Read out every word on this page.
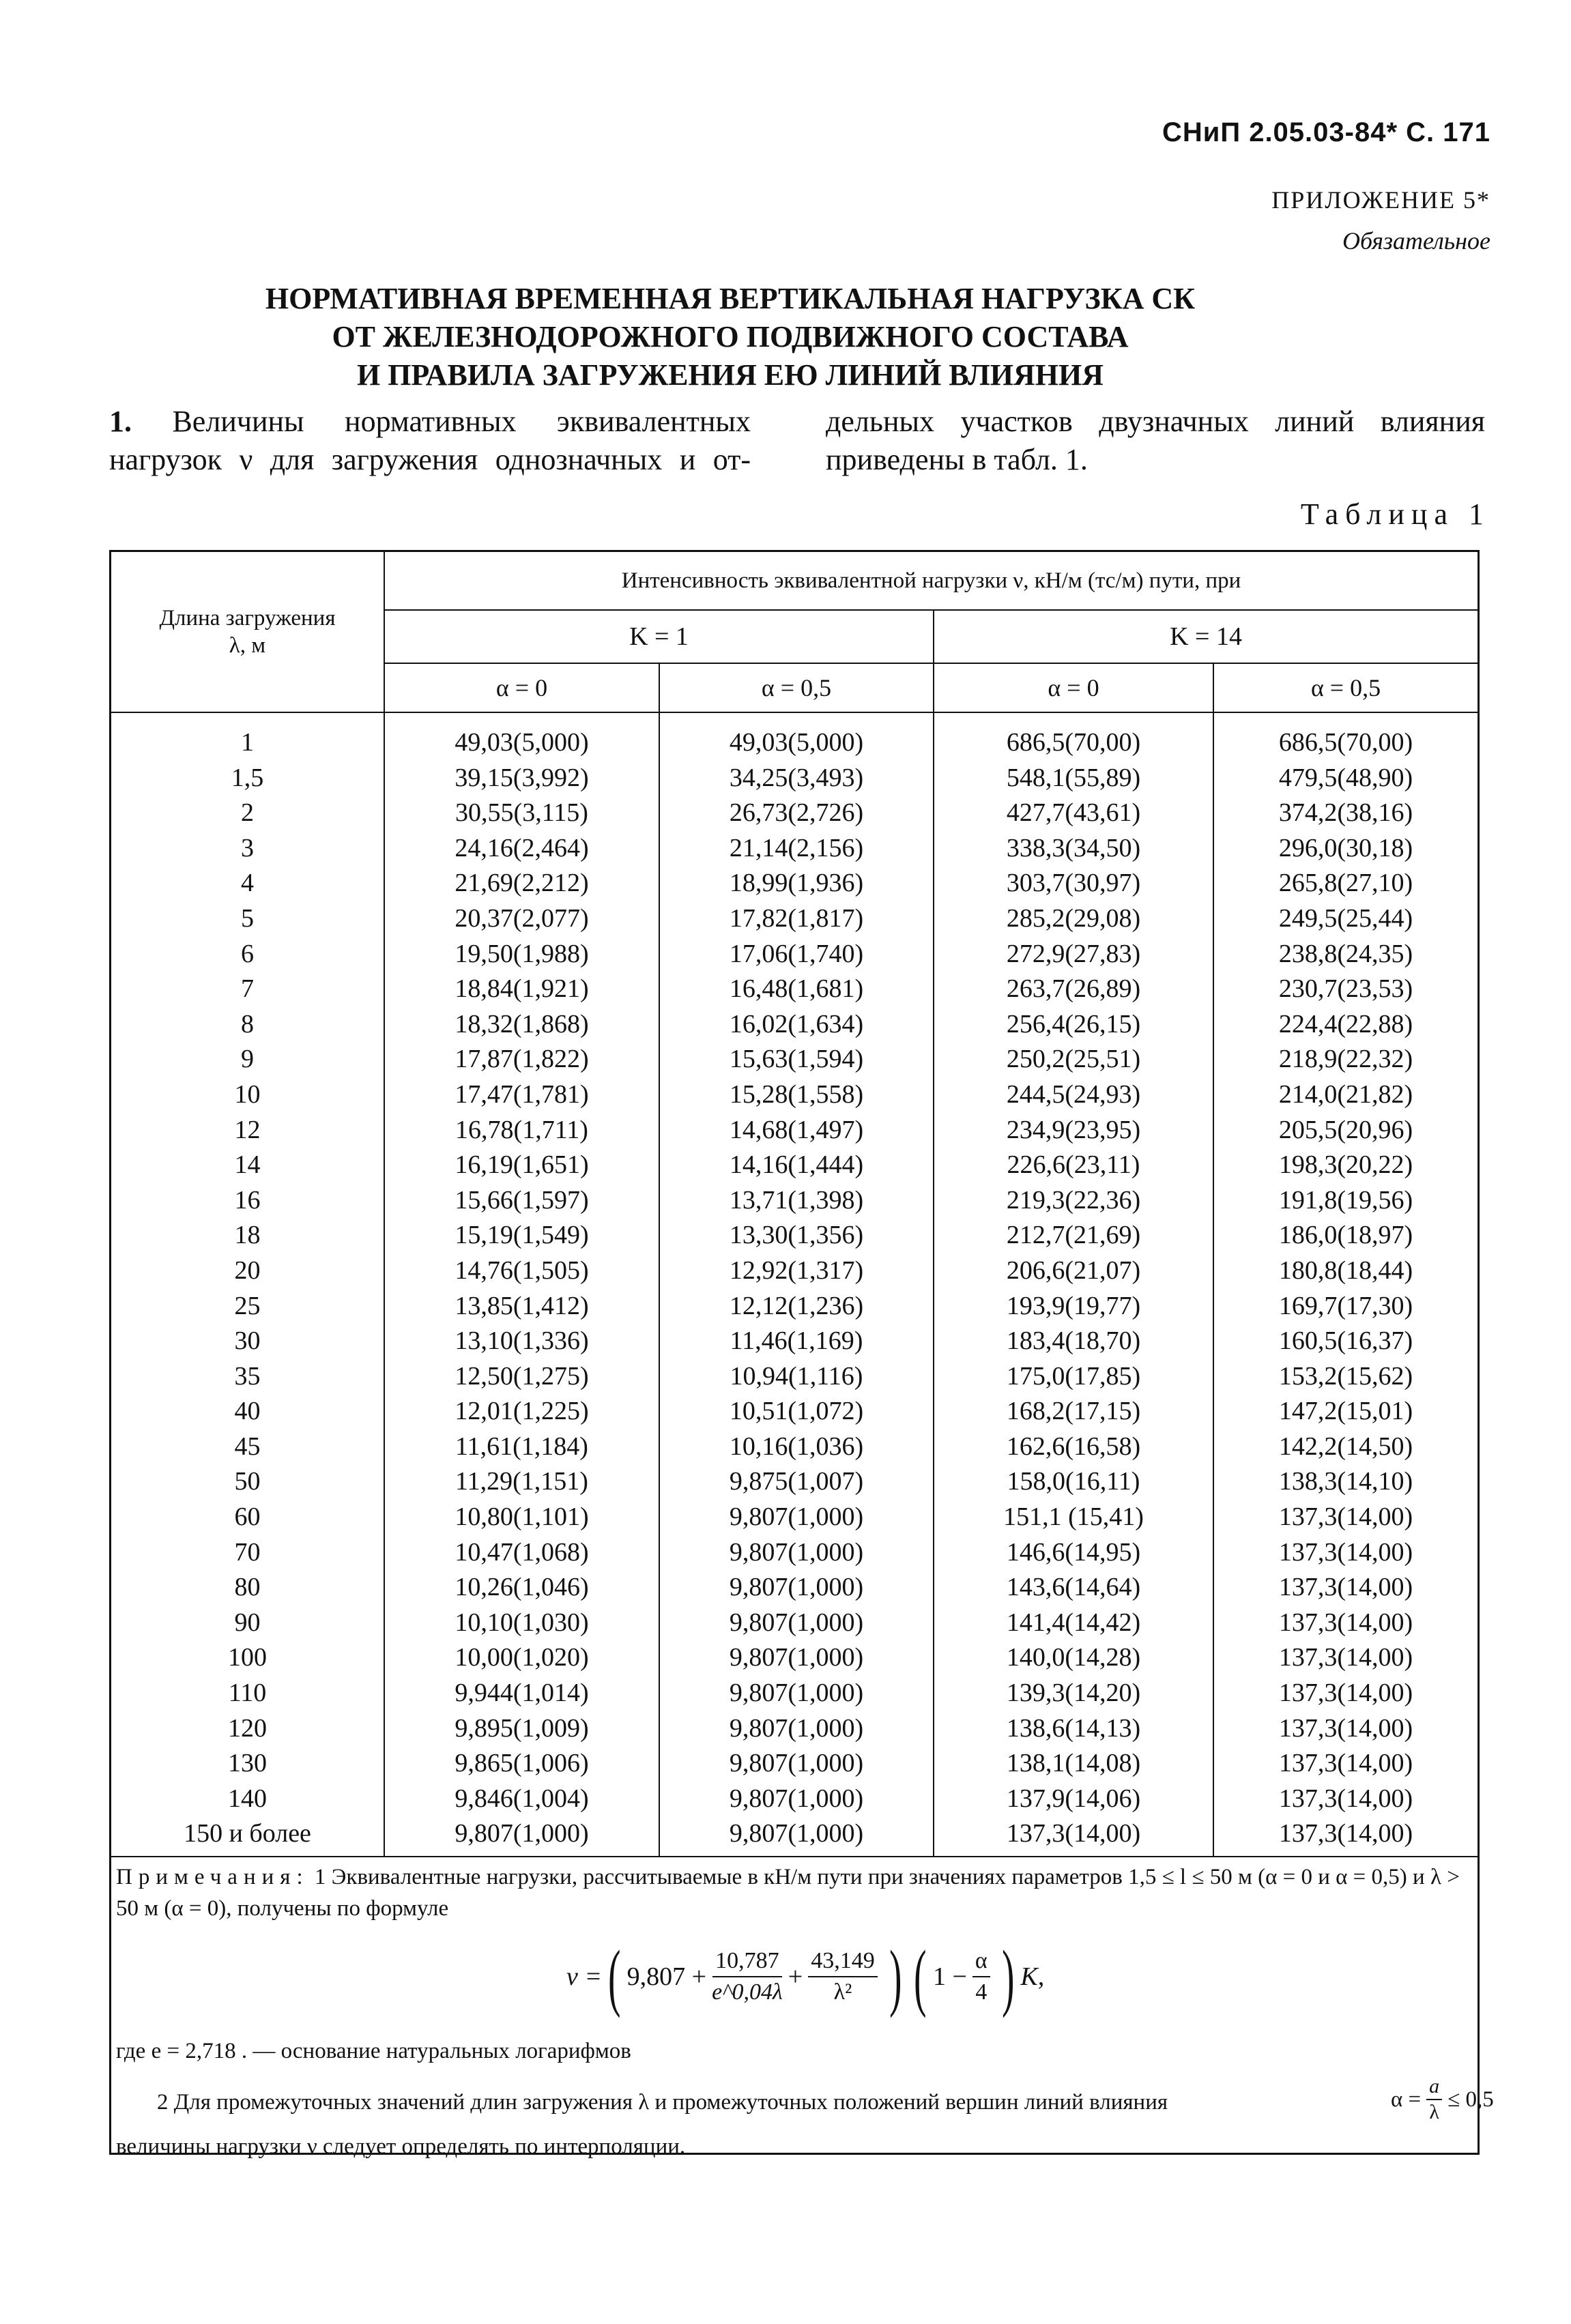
СНиП 2.05.03-84* С. 171
ПРИЛОЖЕНИЕ 5*
Обязательное
НОРМАТИВНАЯ ВРЕМЕННАЯ ВЕРТИКАЛЬНАЯ НАГРУЗКА СК
ОТ ЖЕЛЕЗНОДОРОЖНОГО ПОДВИЖНОГО СОСТАВА
И ПРАВИЛА ЗАГРУЖЕНИЯ ЕЮ ЛИНИЙ ВЛИЯНИЯ
1. Величины нормативных эквивалентных нагрузок ν для загружения однозначных и от-
дельных участков двузначных линий влияния приведены в табл. 1.
Таблица 1
Длина загружения λ, м	Интенсивность эквивалентной нагрузки ν, кН/м (тс/м) пути, при			
	K = 1		K = 14	
	α = 0	α = 0,5	α = 0	α = 0,5
1	49,03(5,000)	49,03(5,000)	686,5(70,00)	686,5(70,00)
1,5	39,15(3,992)	34,25(3,493)	548,1(55,89)	479,5(48,90)
2	30,55(3,115)	26,73(2,726)	427,7(43,61)	374,2(38,16)
3	24,16(2,464)	21,14(2,156)	338,3(34,50)	296,0(30,18)
4	21,69(2,212)	18,99(1,936)	303,7(30,97)	265,8(27,10)
5	20,37(2,077)	17,82(1,817)	285,2(29,08)	249,5(25,44)
6	19,50(1,988)	17,06(1,740)	272,9(27,83)	238,8(24,35)
7	18,84(1,921)	16,48(1,681)	263,7(26,89)	230,7(23,53)
8	18,32(1,868)	16,02(1,634)	256,4(26,15)	224,4(22,88)
9	17,87(1,822)	15,63(1,594)	250,2(25,51)	218,9(22,32)
10	17,47(1,781)	15,28(1,558)	244,5(24,93)	214,0(21,82)
12	16,78(1,711)	14,68(1,497)	234,9(23,95)	205,5(20,96)
14	16,19(1,651)	14,16(1,444)	226,6(23,11)	198,3(20,22)
16	15,66(1,597)	13,71(1,398)	219,3(22,36)	191,8(19,56)
18	15,19(1,549)	13,30(1,356)	212,7(21,69)	186,0(18,97)
20	14,76(1,505)	12,92(1,317)	206,6(21,07)	180,8(18,44)
25	13,85(1,412)	12,12(1,236)	193,9(19,77)	169,7(17,30)
30	13,10(1,336)	11,46(1,169)	183,4(18,70)	160,5(16,37)
35	12,50(1,275)	10,94(1,116)	175,0(17,85)	153,2(15,62)
40	12,01(1,225)	10,51(1,072)	168,2(17,15)	147,2(15,01)
45	11,61(1,184)	10,16(1,036)	162,6(16,58)	142,2(14,50)
50	11,29(1,151)	9,875(1,007)	158,0(16,11)	138,3(14,10)
60	10,80(1,101)	9,807(1,000)	151,1 (15,41)	137,3(14,00)
70	10,47(1,068)	9,807(1,000)	146,6(14,95)	137,3(14,00)
80	10,26(1,046)	9,807(1,000)	143,6(14,64)	137,3(14,00)
90	10,10(1,030)	9,807(1,000)	141,4(14,42)	137,3(14,00)
100	10,00(1,020)	9,807(1,000)	140,0(14,28)	137,3(14,00)
110	9,944(1,014)	9,807(1,000)	139,3(14,20)	137,3(14,00)
120	9,895(1,009)	9,807(1,000)	138,6(14,13)	137,3(14,00)
130	9,865(1,006)	9,807(1,000)	138,1(14,08)	137,3(14,00)
140	9,846(1,004)	9,807(1,000)	137,9(14,06)	137,3(14,00)
150 и более	9,807(1,000)	9,807(1,000)	137,3(14,00)	137,3(14,00)
Примечания: 1 Эквивалентные нагрузки, рассчитываемые в кН/м пути при значениях параметров 1,5 ≤ l ≤ 50 м (α = 0 и α = 0,5) и λ > 50 м (α = 0), получены по формуле
ν = ( $9,807 + \frac{10,787}{e\^{}0,04\lambda} + \frac{43,149}{\text{λ²}}$ ) ( $1 - \frac{\alpha}{4}$ ) K,
где e = 2,718 . — основание натуральных логарифмов
2 Для промежуточных значений длин загружения λ и промежуточных положений вершин линий влияния	$\alpha = \frac{a}{\lambda} \le 0,5$
величины нагрузки ν следует определять по интерполяции.
